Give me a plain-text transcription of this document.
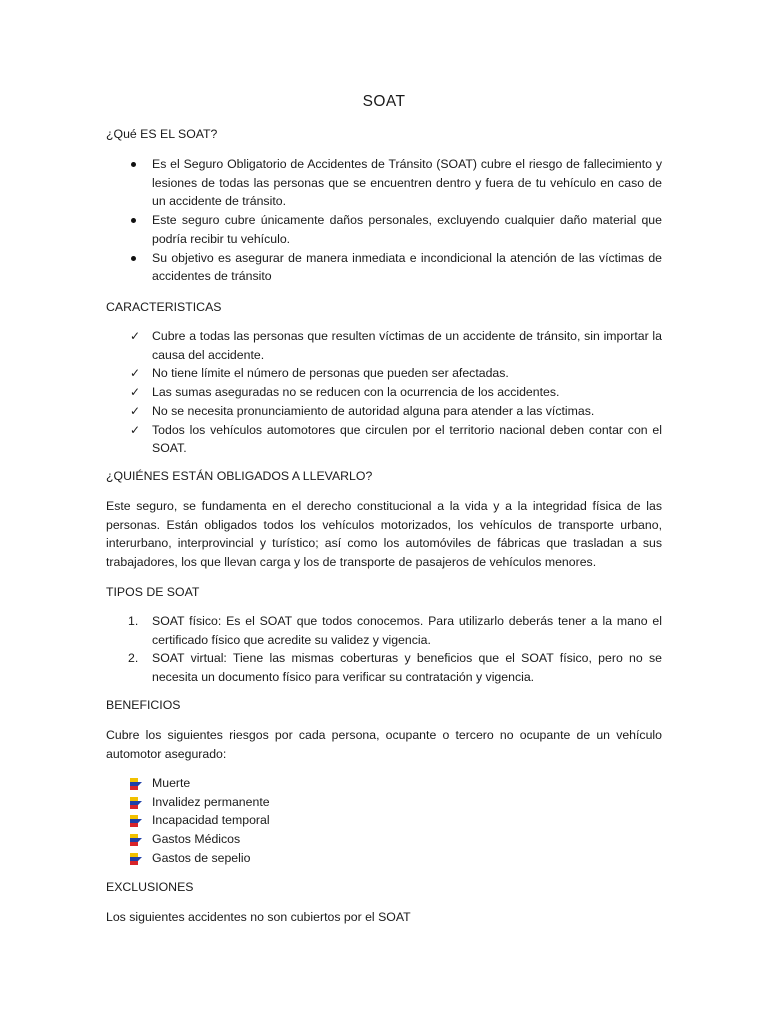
SOAT

¿Qué ES EL SOAT?

Es el Seguro Obligatorio de Accidentes de Tránsito (SOAT) cubre el riesgo de fallecimiento y lesiones de todas las personas que se encuentren dentro y fuera de tu vehículo en caso de un accidente de tránsito.
Este seguro cubre únicamente daños personales, excluyendo cualquier daño material que podría recibir tu vehículo.
Su objetivo es asegurar de manera inmediata e incondicional la atención de las víctimas de accidentes de tránsito

CARACTERISTICAS

✓ Cubre a todas las personas que resulten víctimas de un accidente de tránsito, sin importar la causa del accidente.
✓ No tiene límite el número de personas que pueden ser afectadas.
✓ Las sumas aseguradas no se reducen con la ocurrencia de los accidentes.
✓ No se necesita pronunciamiento de autoridad alguna para atender a las víctimas.
✓ Todos los vehículos automotores que circulen por el territorio nacional deben contar con el SOAT.

¿QUIÉNES ESTÁN OBLIGADOS A LLEVARLO?

Este seguro, se fundamenta en el derecho constitucional a la vida y a la integridad física de las personas. Están obligados todos los vehículos motorizados, los vehículos de transporte urbano, interurbano, interprovincial y turístico; así como los automóviles de fábricas que trasladan a sus trabajadores, los que llevan carga y los de transporte de pasajeros de vehículos menores.

TIPOS DE SOAT

1. SOAT físico: Es el SOAT que todos conocemos. Para utilizarlo deberás tener a la mano el certificado físico que acredite su validez y vigencia.
2. SOAT virtual: Tiene las mismas coberturas y beneficios que el SOAT físico, pero no se necesita un documento físico para verificar su contratación y vigencia.

BENEFICIOS

Cubre los siguientes riesgos por cada persona, ocupante o tercero no ocupante de un vehículo automotor asegurado:

Muerte
Invalidez permanente
Incapacidad temporal
Gastos Médicos
Gastos de sepelio

EXCLUSIONES

Los siguientes accidentes no son cubiertos por el SOAT
